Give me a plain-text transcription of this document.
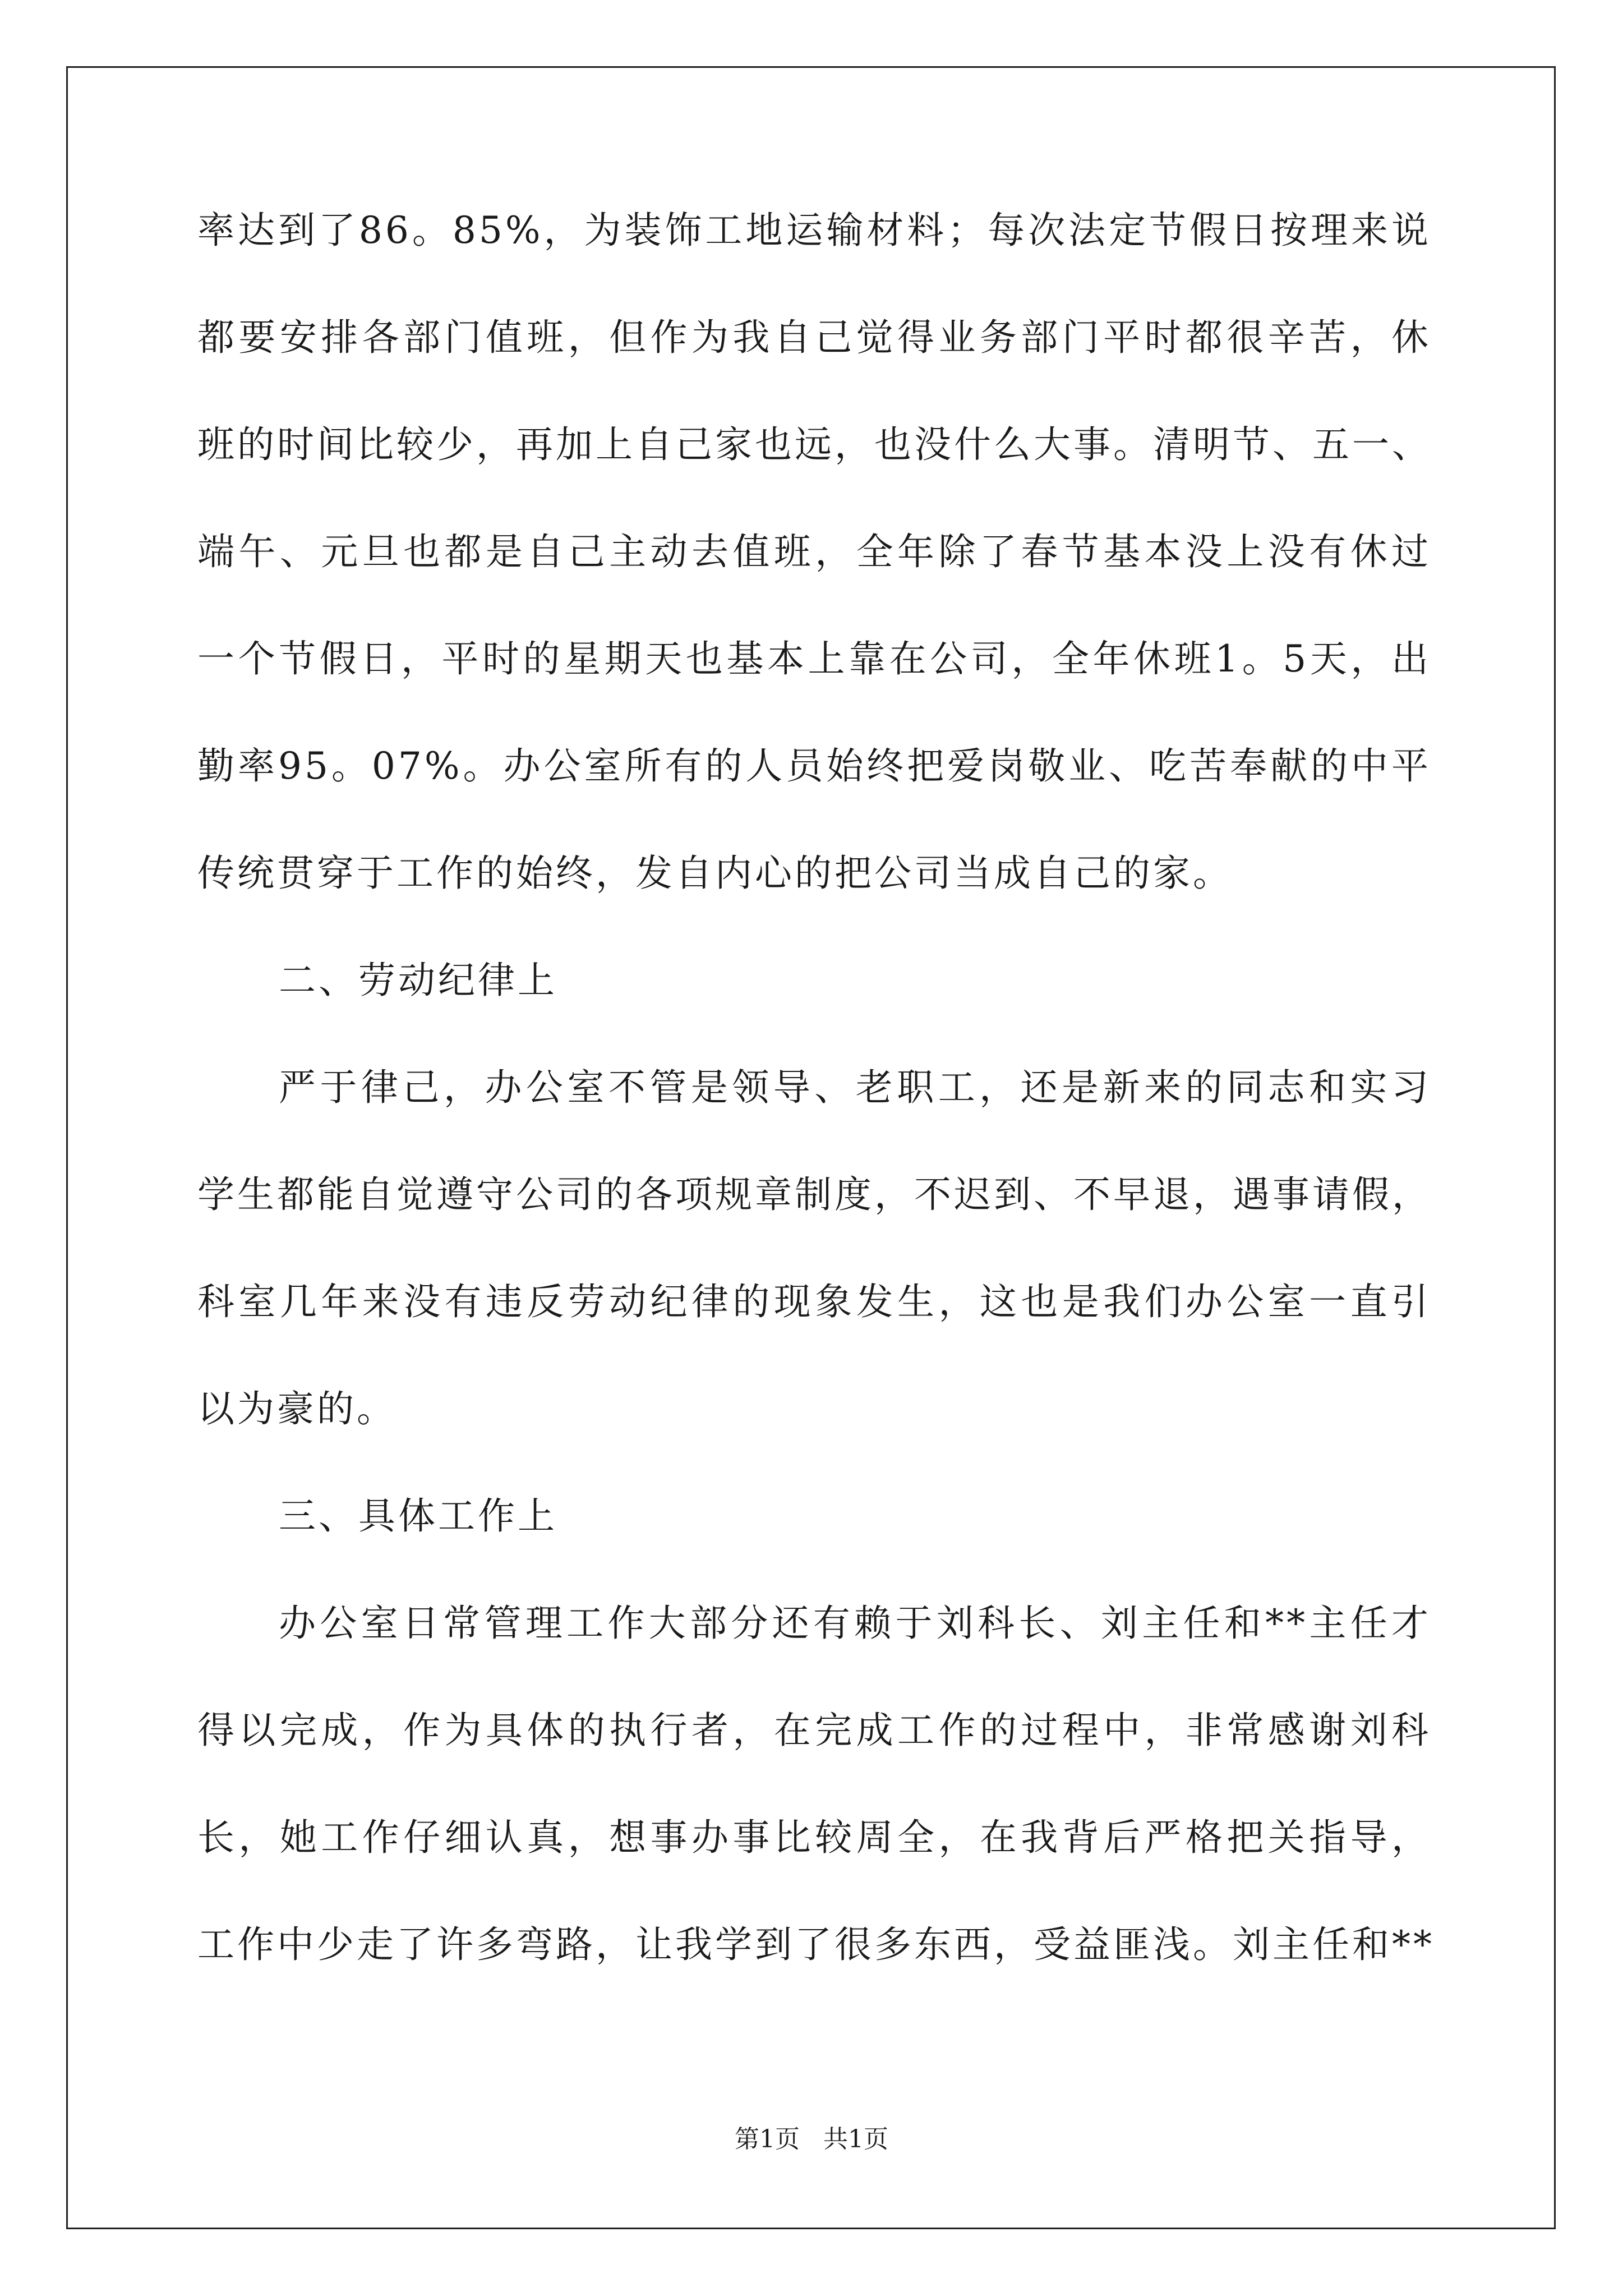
率达到了86。85%，为装饰工地运输材料；每次法定节假日按理来说
都要安排各部门值班，但作为我自己觉得业务部门平时都很辛苦，休
班的时间比较少，再加上自己家也远，也没什么大事。清明节、五一、
端午、元旦也都是自己主动去值班，全年除了春节基本没上没有休过
一个节假日，平时的星期天也基本上靠在公司，全年休班1。5天，出
勤率95。07%。办公室所有的人员始终把爱岗敬业、吃苦奉献的中平
传统贯穿于工作的始终，发自内心的把公司当成自己的家。
二、劳动纪律上
严于律己，办公室不管是领导、老职工，还是新来的同志和实习
学生都能自觉遵守公司的各项规章制度，不迟到、不早退，遇事请假，
科室几年来没有违反劳动纪律的现象发生，这也是我们办公室一直引
以为豪的。
三、具体工作上
办公室日常管理工作大部分还有赖于刘科长、刘主任和**主任才
得以完成，作为具体的执行者，在完成工作的过程中，非常感谢刘科
长，她工作仔细认真，想事办事比较周全，在我背后严格把关指导，
工作中少走了许多弯路，让我学到了很多东西，受益匪浅。刘主任和**
第1页 共1页
